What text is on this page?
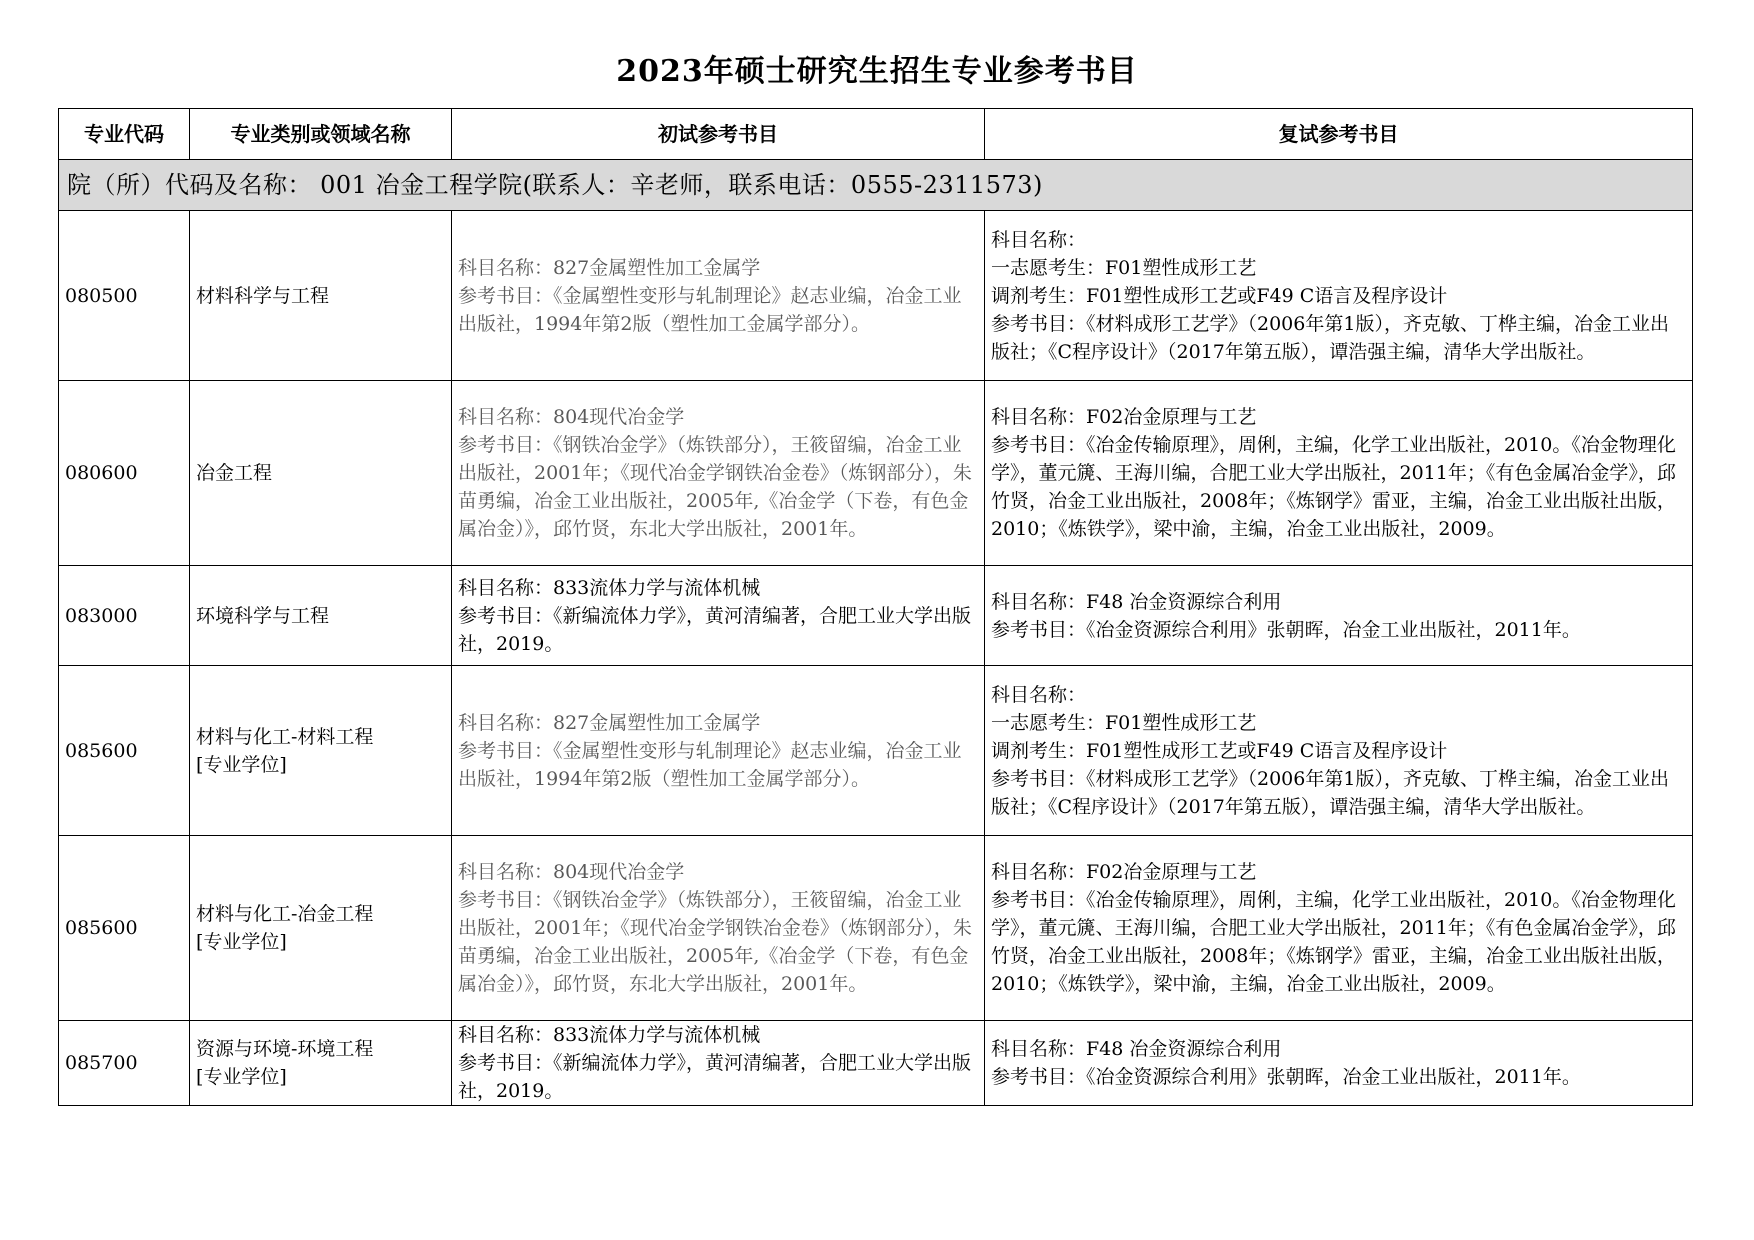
2023年硕士研究生招生专业参考书目
专业代码	专业类别或领域名称	初试参考书目	复试参考书目
院（所）代码及名称： 001 冶金工程学院(联系人：辛老师，联系电话：0555-2311573)			
080500	材料科学与工程	科目名称：827金属塑性加工金属学
参考书目：《金属塑性变形与轧制理论》赵志业编，冶金工业出版社，1994年第2版（塑性加工金属学部分）。	科目名称：
一志愿考生：F01塑性成形工艺
调剂考生：F01塑性成形工艺或F49 C语言及程序设计
参考书目：《材料成形工艺学》（2006年第1版），齐克敏、丁桦主编，冶金工业出版社；《C程序设计》（2017年第五版），谭浩强主编，清华大学出版社。
080600	冶金工程	科目名称：804现代冶金学
参考书目：《钢铁冶金学》（炼铁部分），王筱留编，冶金工业出版社，2001年；《现代冶金学钢铁冶金卷》（炼钢部分），朱苗勇编，冶金工业出版社，2005年,《冶金学（下卷，有色金属冶金）》，邱竹贤，东北大学出版社，2001年。	科目名称：F02冶金原理与工艺
参考书目：《冶金传输原理》，周俐，主编，化学工业出版社，2010。《冶金物理化学》，董元篪、王海川编，合肥工业大学出版社，2011年；《有色金属冶金学》，邱竹贤，冶金工业出版社，2008年；《炼钢学》雷亚，主编，冶金工业出版社出版，2010；《炼铁学》，梁中渝，主编，冶金工业出版社，2009。
083000	环境科学与工程	科目名称：833流体力学与流体机械
参考书目：《新编流体力学》，黄河清编著，合肥工业大学出版社，2019。	科目名称：F48 冶金资源综合利用
参考书目：《冶金资源综合利用》张朝晖，冶金工业出版社，2011年。
085600	材料与化工-材料工程
[专业学位]	科目名称：827金属塑性加工金属学
参考书目：《金属塑性变形与轧制理论》赵志业编，冶金工业出版社，1994年第2版（塑性加工金属学部分）。	科目名称：
一志愿考生：F01塑性成形工艺
调剂考生：F01塑性成形工艺或F49 C语言及程序设计
参考书目：《材料成形工艺学》（2006年第1版），齐克敏、丁桦主编，冶金工业出版社；《C程序设计》（2017年第五版），谭浩强主编，清华大学出版社。
085600	材料与化工-冶金工程
[专业学位]	科目名称：804现代冶金学
参考书目：《钢铁冶金学》（炼铁部分），王筱留编，冶金工业出版社，2001年；《现代冶金学钢铁冶金卷》（炼钢部分），朱苗勇编，冶金工业出版社，2005年,《冶金学（下卷，有色金属冶金）》，邱竹贤，东北大学出版社，2001年。	科目名称：F02冶金原理与工艺
参考书目：《冶金传输原理》，周俐，主编，化学工业出版社，2010。《冶金物理化学》，董元篪、王海川编，合肥工业大学出版社，2011年；《有色金属冶金学》，邱竹贤，冶金工业出版社，2008年；《炼钢学》雷亚，主编，冶金工业出版社出版，2010；《炼铁学》，梁中渝，主编，冶金工业出版社，2009。
085700	资源与环境-环境工程
[专业学位]	科目名称：833流体力学与流体机械
参考书目：《新编流体力学》，黄河清编著，合肥工业大学出版社，2019。	科目名称：F48 冶金资源综合利用
参考书目：《冶金资源综合利用》张朝晖，冶金工业出版社，2011年。
